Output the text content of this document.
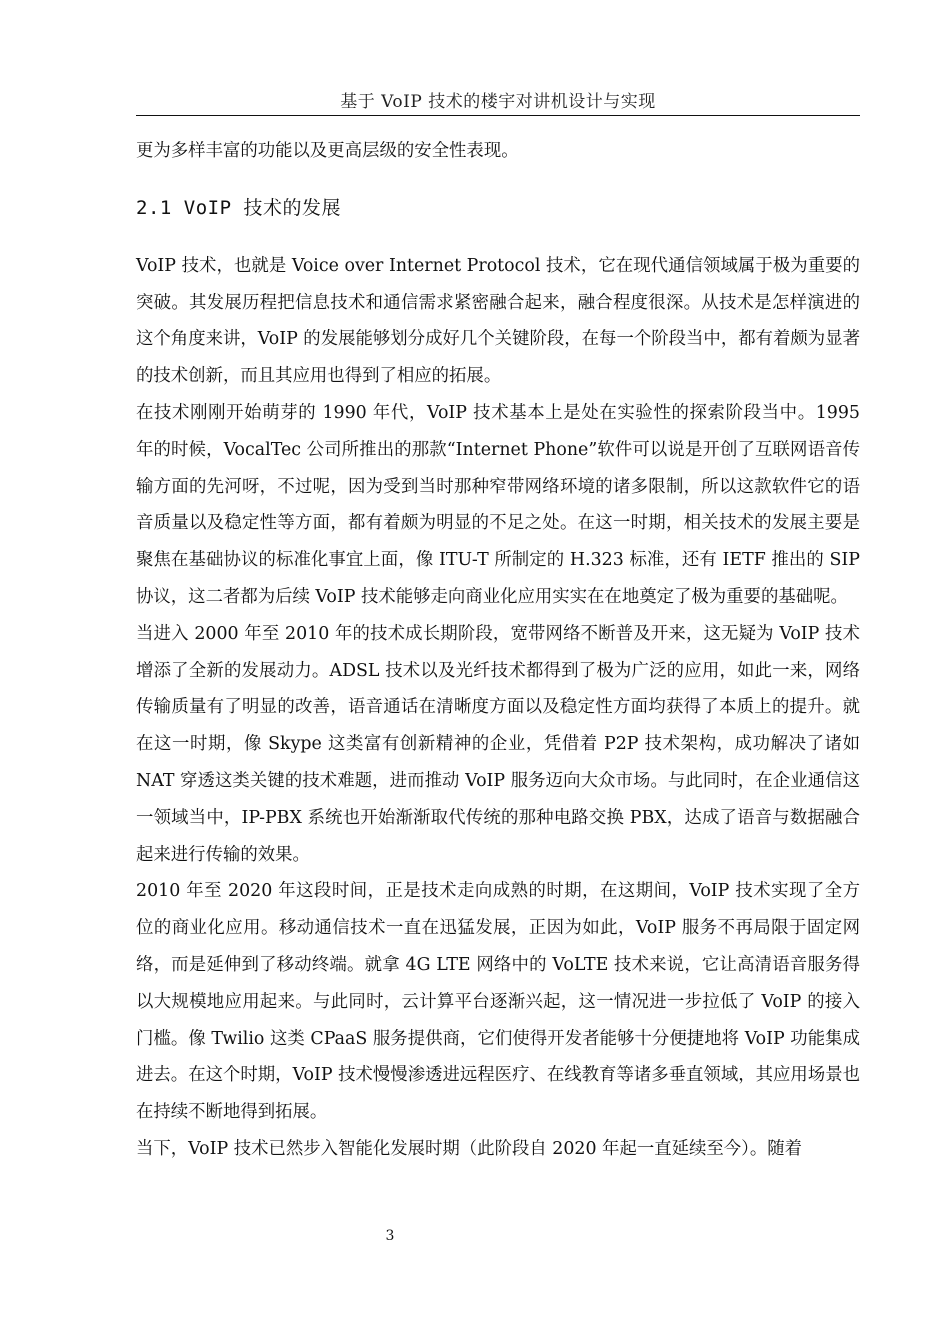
基于 VoIP 技术的楼宇对讲机设计与实现

更为多样丰富的功能以及更高层级的安全性表现。

2.1 VoIP 技术的发展

VoIP 技术，也就是 Voice over Internet Protocol 技术，它在现代通信领域属于极为重要的突破。其发展历程把信息技术和通信需求紧密融合起来，融合程度很深。从技术是怎样演进的这个角度来讲，VoIP 的发展能够划分成好几个关键阶段，在每一个阶段当中，都有着颇为显著的技术创新，而且其应用也得到了相应的拓展。

在技术刚刚开始萌芽的 1990 年代，VoIP 技术基本上是处在实验性的探索阶段当中。1995 年的时候，VocalTec 公司所推出的那款“Internet Phone”软件可以说是开创了互联网语音传输方面的先河呀，不过呢，因为受到当时那种窄带网络环境的诸多限制，所以这款软件它的语音质量以及稳定性等方面，都有着颇为明显的不足之处。在这一时期，相关技术的发展主要是聚焦在基础协议的标准化事宜上面，像 ITU-T 所制定的 H.323 标准，还有 IETF 推出的 SIP 协议，这二者都为后续 VoIP 技术能够走向商业化应用实实在在地奠定了极为重要的基础呢。

当进入 2000 年至 2010 年的技术成长期阶段，宽带网络不断普及开来，这无疑为 VoIP 技术增添了全新的发展动力。ADSL 技术以及光纤技术都得到了极为广泛的应用，如此一来，网络传输质量有了明显的改善，语音通话在清晰度方面以及稳定性方面均获得了本质上的提升。就在这一时期，像 Skype 这类富有创新精神的企业，凭借着 P2P 技术架构，成功解决了诸如 NAT 穿透这类关键的技术难题，进而推动 VoIP 服务迈向大众市场。与此同时，在企业通信这一领域当中，IP-PBX 系统也开始渐渐取代传统的那种电路交换 PBX，达成了语音与数据融合起来进行传输的效果。

2010 年至 2020 年这段时间，正是技术走向成熟的时期，在这期间，VoIP 技术实现了全方位的商业化应用。移动通信技术一直在迅猛发展，正因为如此，VoIP 服务不再局限于固定网络，而是延伸到了移动终端。就拿 4G LTE 网络中的 VoLTE 技术来说，它让高清语音服务得以大规模地应用起来。与此同时，云计算平台逐渐兴起，这一情况进一步拉低了 VoIP 的接入门槛。像 Twilio 这类 CPaaS 服务提供商，它们使得开发者能够十分便捷地将 VoIP 功能集成进去。在这个时期，VoIP 技术慢慢渗透进远程医疗、在线教育等诸多垂直领域，其应用场景也在持续不断地得到拓展。

当下，VoIP 技术已然步入智能化发展时期（此阶段自 2020 年起一直延续至今）。随着

3
